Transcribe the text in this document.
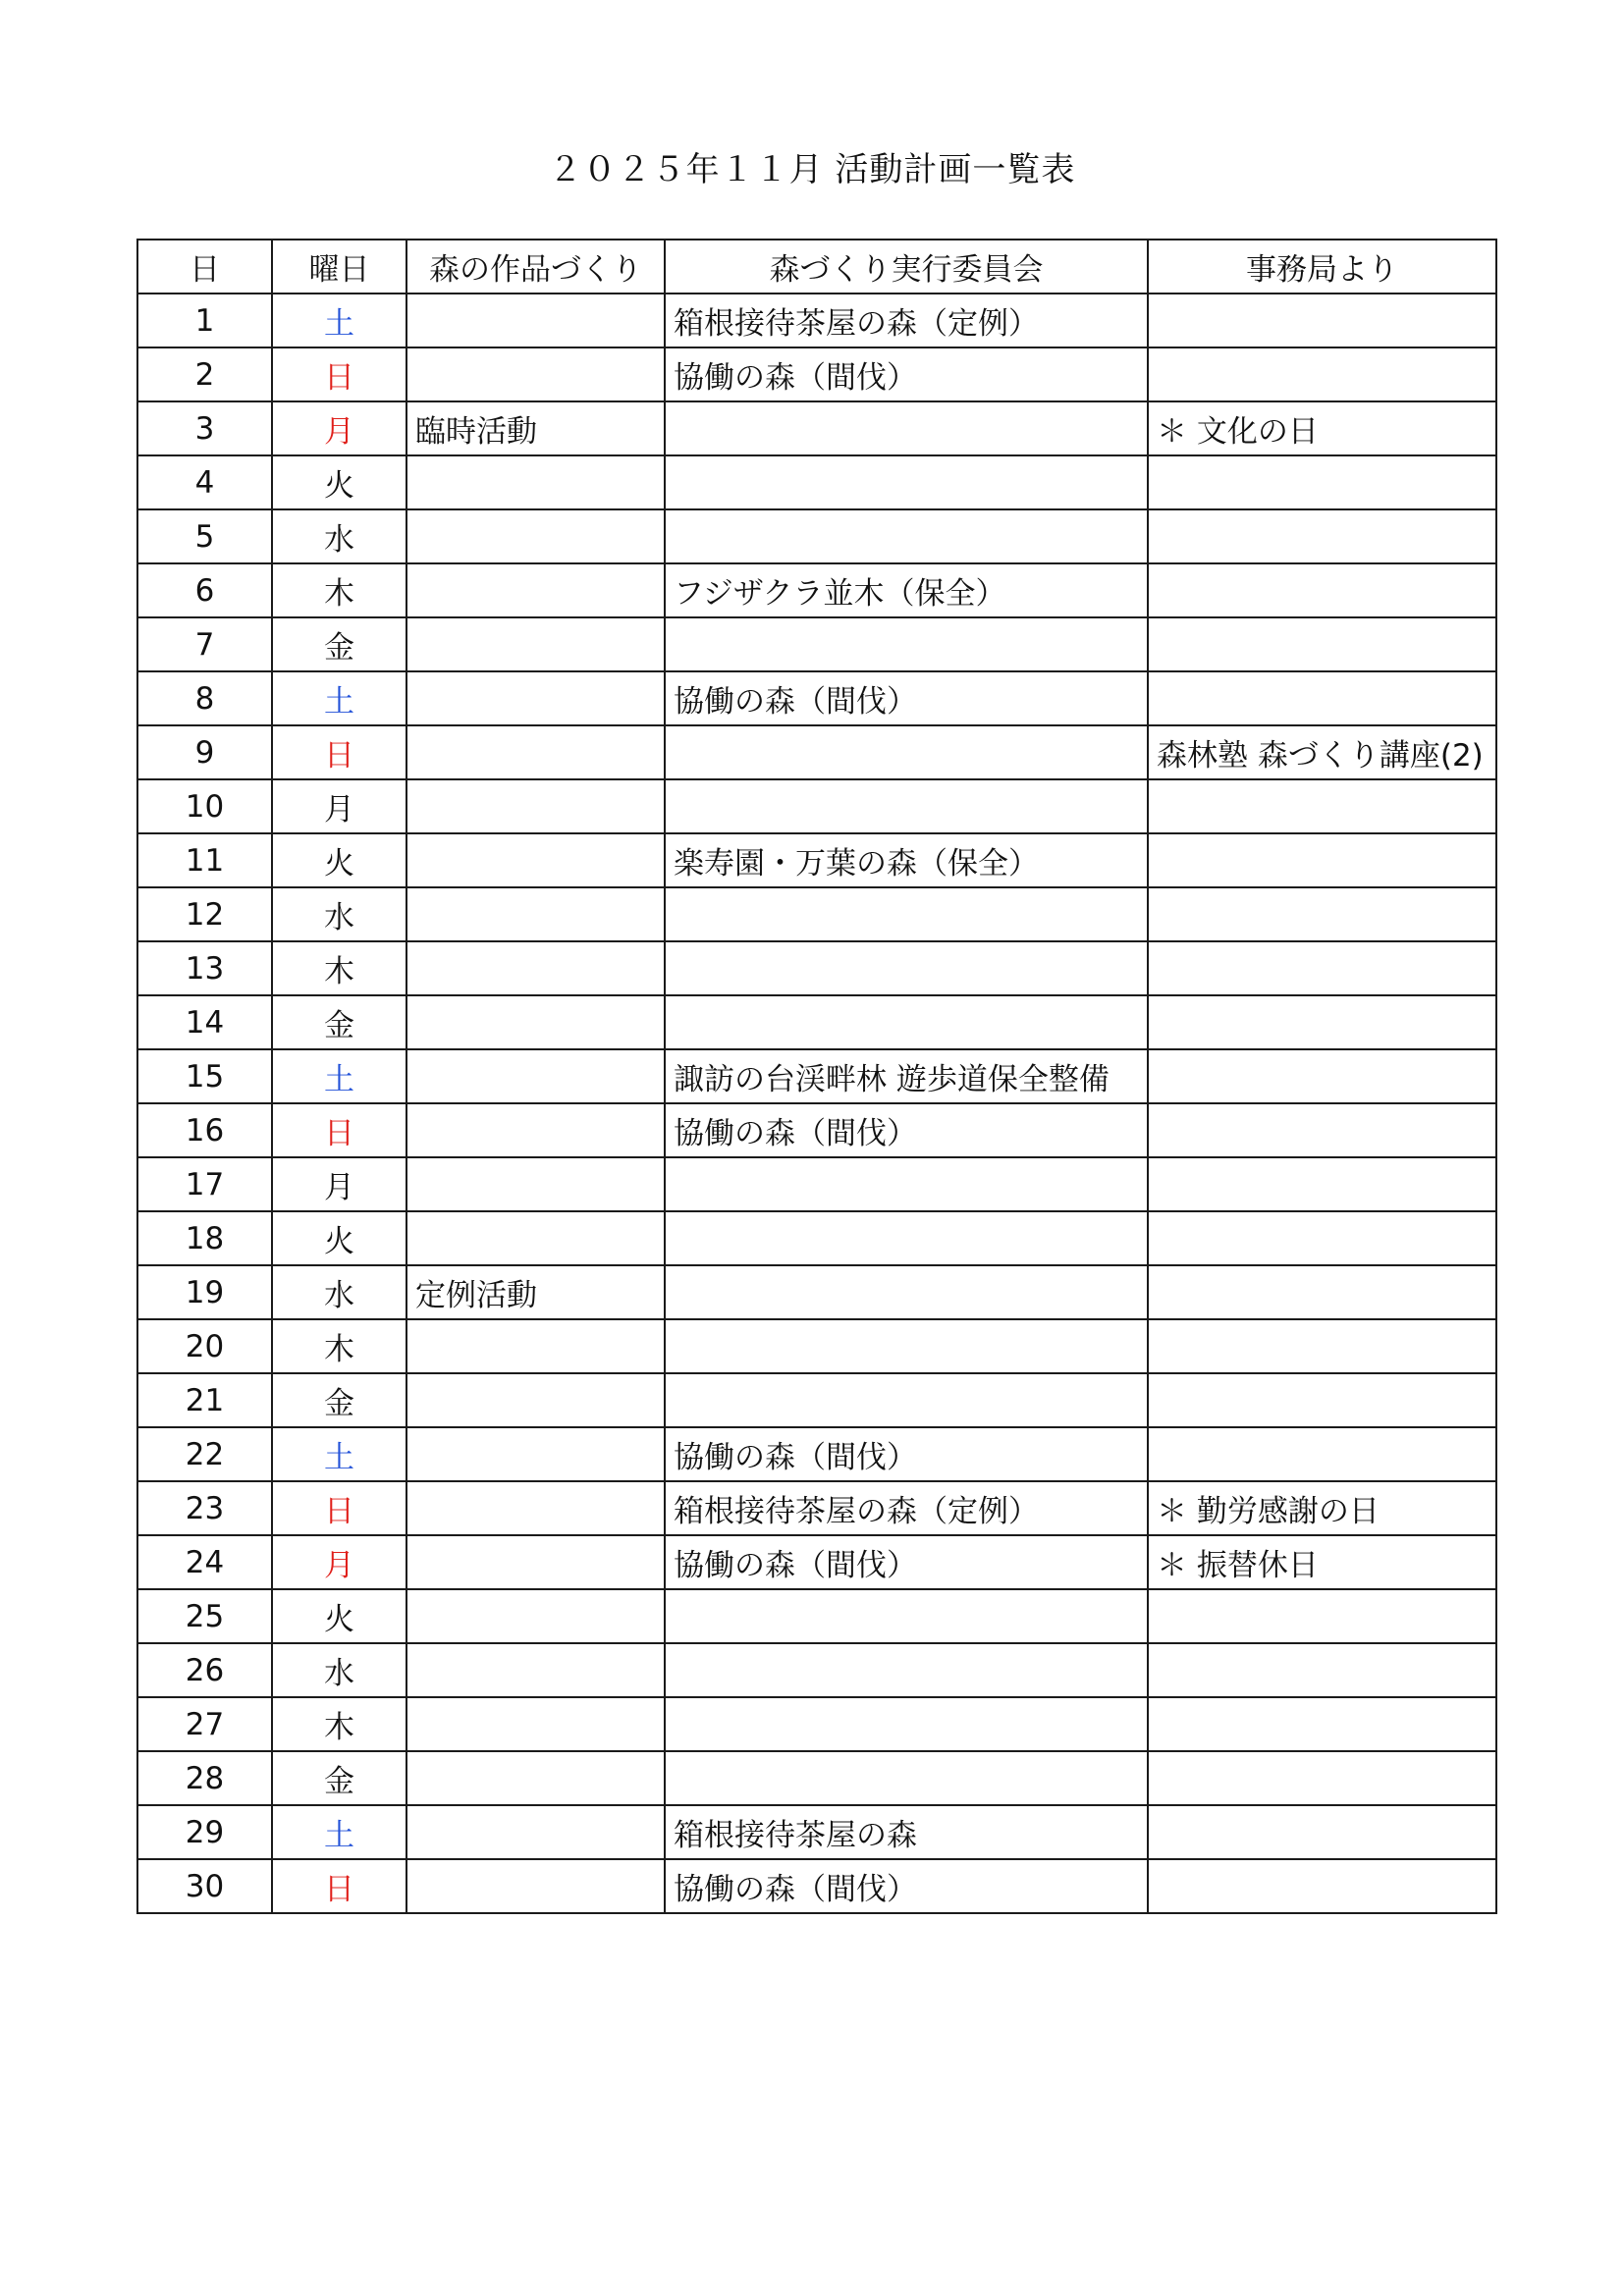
２０２５年１１月 活動計画一覧表
日	曜日	森の作品づくり	森づくり実行委員会	事務局より
1	土		箱根接待茶屋の森（定例）	
2	日		協働の森（間伐）	
3	月	臨時活動		＊ 文化の日
4	火			
5	水			
6	木		フジザクラ並木（保全）	
7	金			
8	土		協働の森（間伐）	
9	日			森林塾 森づくり講座(2)
10	月			
11	火		楽寿園・万葉の森（保全）	
12	水			
13	木			
14	金			
15	土		諏訪の台渓畔林 遊歩道保全整備	
16	日		協働の森（間伐）	
17	月			
18	火			
19	水	定例活動		
20	木			
21	金			
22	土		協働の森（間伐）	
23	日		箱根接待茶屋の森（定例）	＊ 勤労感謝の日
24	月		協働の森（間伐）	＊ 振替休日
25	火			
26	水			
27	木			
28	金			
29	土		箱根接待茶屋の森	
30	日		協働の森（間伐）	
